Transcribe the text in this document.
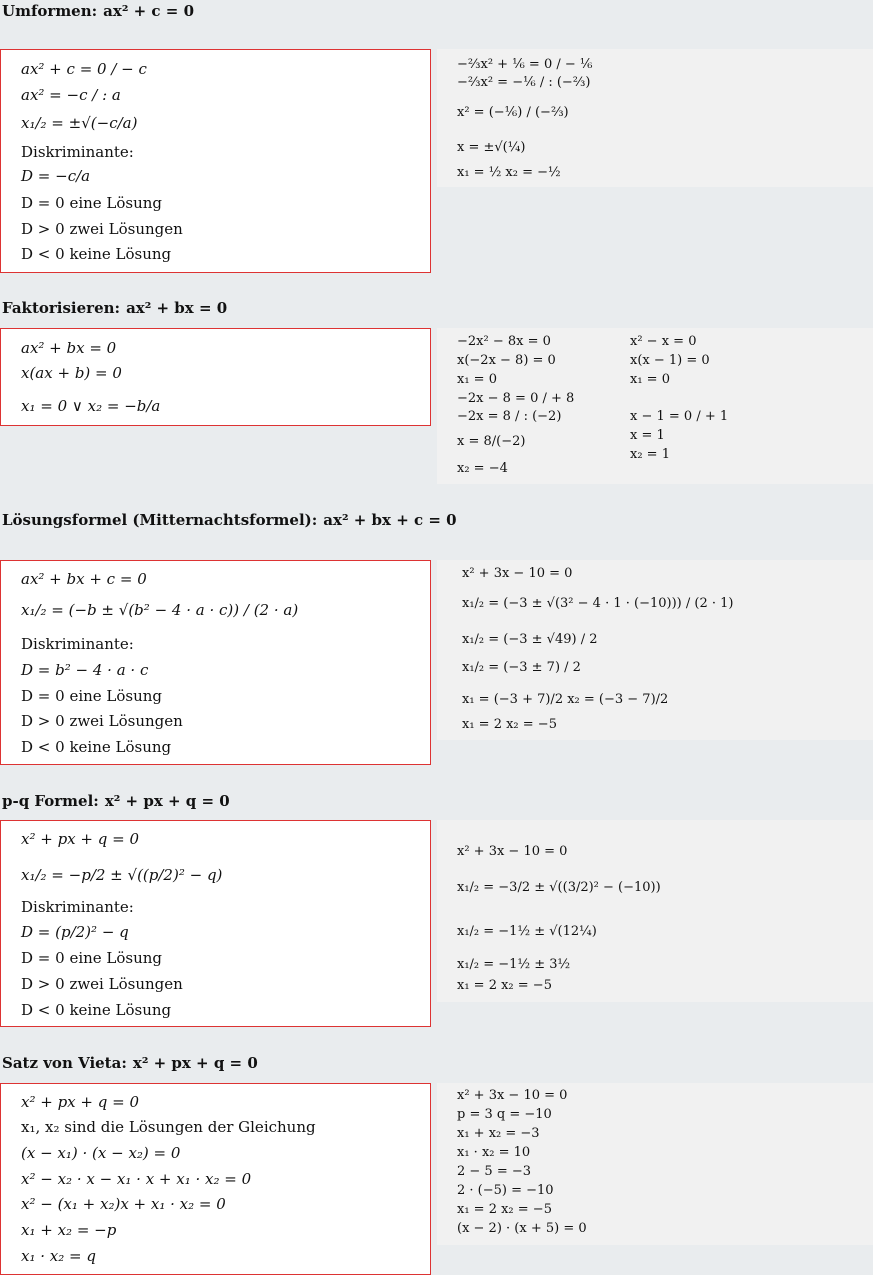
Umformen: ax² + c = 0
ax² + c = 0 / − c
ax² = −c / : a
x₁/₂ = ±√(−c/a)
Diskriminante:
D = −c/a
D = 0 eine Lösung
D > 0 zwei Lösungen
D < 0 keine Lösung
−⅔x² + ⅙ = 0 / − ⅙
−⅔x² = −⅙ / : (−⅔)
x² = (−⅙) / (−⅔)
x = ±√(¼)
x₁ = ½ x₂ = −½
Faktorisieren: ax² + bx = 0
ax² + bx = 0
x(ax + b) = 0
x₁ = 0 ∨ x₂ = −b/a
−2x² − 8x = 0
x(−2x − 8) = 0
x₁ = 0
−2x − 8 = 0 / + 8
−2x = 8 / : (−2)
x = 8/(−2)
x₂ = −4
x² − x = 0
x(x − 1) = 0
x₁ = 0
x − 1 = 0 / + 1
x = 1
x₂ = 1
Lösungsformel (Mitternachtsformel): ax² + bx + c = 0
ax² + bx + c = 0
x₁/₂ = (−b ± √(b² − 4 · a · c)) / (2 · a)
Diskriminante:
D = b² − 4 · a · c
D = 0 eine Lösung
D > 0 zwei Lösungen
D < 0 keine Lösung
x² + 3x − 10 = 0
x₁/₂ = (−3 ± √(3² − 4 · 1 · (−10))) / (2 · 1)
x₁/₂ = (−3 ± √49) / 2
x₁/₂ = (−3 ± 7) / 2
x₁ = (−3 + 7)/2 x₂ = (−3 − 7)/2
x₁ = 2 x₂ = −5
p-q Formel: x² + px + q = 0
x² + px + q = 0
x₁/₂ = −p/2 ± √((p/2)² − q)
Diskriminante:
D = (p/2)² − q
D = 0 eine Lösung
D > 0 zwei Lösungen
D < 0 keine Lösung
x² + 3x − 10 = 0
x₁/₂ = −3/2 ± √((3/2)² − (−10))
x₁/₂ = −1½ ± √(12¼)
x₁/₂ = −1½ ± 3½
x₁ = 2 x₂ = −5
Satz von Vieta: x² + px + q = 0
x² + px + q = 0
x₁, x₂ sind die Lösungen der Gleichung
(x − x₁) · (x − x₂) = 0
x² − x₂ · x − x₁ · x + x₁ · x₂ = 0
x² − (x₁ + x₂)x + x₁ · x₂ = 0
x₁ + x₂ = −p
x₁ · x₂ = q
x² + 3x − 10 = 0
p = 3 q = −10
x₁ + x₂ = −3
x₁ · x₂ = 10
2 − 5 = −3
2 · (−5) = −10
x₁ = 2 x₂ = −5
(x − 2) · (x + 5) = 0
